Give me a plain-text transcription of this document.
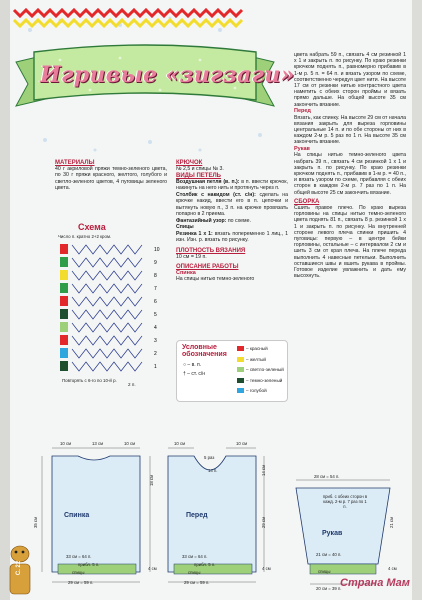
Игривые «зигзаги»
МАТЕРИАЛЫ

40 г акриловой пряжи темно-зеленого цвета, по 30 г пряжи красного, желтого, голубого и светло-зеленого цветов, 4 пуговицы зеленого цвета.

Схема
Число п. кратно 2+2 кром.
10
9
8
7
6
5
4
3
2
1
Повторять с 6-го по 10-й р.
2 п.
КРЮЧОК

№ 2,5 и спицы № 3.

ВИДЫ ПЕТЕЛЬ

Воздушная петля (в. п.): в п. ввести крючок, накинуть на него нить и протянуть через п.

Столбик с накидом (ст. с/н): сделать на крючке накид, ввести его в п. цепочки и вытянуть новую п., 3 п. на крючке провязать попарно в 2 приема.

Фантазийный узор: по схеме.

Спицы

Резинка 1 х 1: вязать попеременно 1 лиц., 1 изн. Изн. р. вязать по рисунку.

ПЛОТНОСТЬ ВЯЗАНИЯ

10 см = 19 п.

ОПИСАНИЕ РАБОТЫ
Спинка

На спицы нитью темно-зеленого

Условные обозначения
○ – в. п.
† – ст. с/н
– красный
– желтый
– светло-зеленый
– темно-зеленый
– голубой

цвета набрать 59 п., связать 4 см резинкой 1 х 1 и закрыть п. по рисунку. По краю резинки крючком поднять п., равномерно прибавив в 1-м р. 5 п. = 64 п. и вязать узором по схеме, соответственно чередуя цвет нити. На высоте 17 см от резинки нитью контрастного цвета наметить с обеих сторон проймы и вязать прямо дальше. На общей высоте 35 см закончить вязание.

Перед

Вязать, как спинку. На высоте 29 см от начала вязания закрыть для выреза горловины центральные 14 п. и по обе стороны от них в каждом 2-м р. 5 раз по 1 п. На высоте 35 см закончить вязание.

Рукав

На спицы нитью темно-зеленого цвета набрать 39 п., связать 4 см резинкой 1 х 1 и закрыть п. по рисунку. По краю резинки крючком поднять п., прибавив в 1-м р. = 40 п., и вязать узором по схеме, прибавляя с обеих сторон в каждом 2-м р. 7 раз по 1 п. На общей высоте 25 см закончить вязание.

СБОРКА

Сшить правое плечо. По краю выреза горловины на спицы нитью темно-зеленого цвета поднять 81 п., связать 8 р. резинкой 1 х 1 и закрыть п. по рисунку. На внутренней стороне левого плеча спинки пришить 4 пуговицы: первую – в центре бейки горловины, остальные – с интервалом 2 см и шить 3 см от края плеча. На плече переда выполнить 4 навесные петельки. Выполнить оставшиеся швы и вшить рукава в проймы. Готовое изделие увлажнить и дать ему высохнуть.

Спинка	Перед
Рукав
10 см	13 см	10 см
33 см = 64 п.
прибл. 5 п.
29 см = 59 п.
35 см
18 см
4 см
спицы
10 см
5 раз
10 см
14 п.
33 см = 64 п.
прибл. 5 п.
29 см = 59 п.
14 см
29 см
4 см
спицы
28 см = 54 п.
21 см = 40 п.
20 см = 39 п.
21 см
4 см
спицы
приб. с обеих сторон в кажд. 2-м р. 7 раз по 1 п.
С. 22
Страна Мам
